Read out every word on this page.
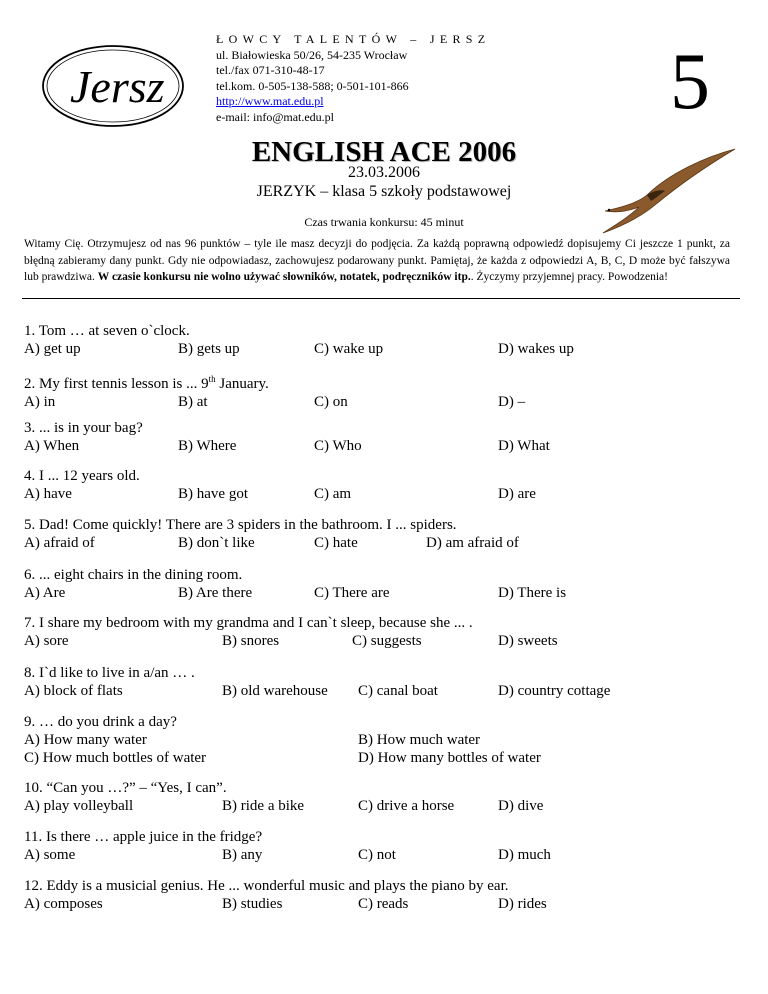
Jersz
ŁOWCY TALENTÓW – JERSZ
ul. Białowieska 50/26, 54-235 Wrocław
tel./fax 071-310-48-17
tel.kom. 0-505-138-588; 0-501-101-866
http://www.mat.edu.pl
e-mail: info@mat.edu.pl	5
ENGLISH ACE 2006
23.03.2006
JERZYK – klasa 5 szkoły podstawowej
Czas trwania konkursu: 45 minut
Witamy Cię. Otrzymujesz od nas 96 punktów – tyle ile masz decyzji do podjęcia. Za każdą poprawną odpowiedź dopisujemy Ci jeszcze 1 punkt, za błędną zabieramy dany punkt. Gdy nie odpowiadasz, zachowujesz podarowany punkt. Pamiętaj, że każda z odpowiedzi A, B, C, D może być fałszywa lub prawdziwa. W czasie konkursu nie wolno używać słowników, notatek, podręczników itp.. Życzymy przyjemnej pracy. Powodzenia!
1. Tom … at seven o`clock.
A) get up	B) gets up	C) wake up	D) wakes up
2. My first tennis lesson is ... 9th January.
A) in	B) at	C) on	D) –
3. ... is in your bag?
A) When	B) Where	C) Who	D) What
4. I ... 12 years old.
A) have	B) have got	C) am	D) are
5. Dad! Come quickly! There are 3 spiders in the bathroom. I ... spiders.
A) afraid of	B) don`t like	C) hate	D) am afraid of
6. ... eight chairs in the dining room.
A) Are	B) Are there	C) There are	D) There is
7. I share my bedroom with my grandma and I can`t sleep, because she ... .
A) sore	B) snores	C) suggests	D) sweets
8. I`d like to live in a/an … .
A) block of flats	B) old warehouse C) canal boat	D) country cottage
9. … do you drink a day?
A) How many water	B) How much water
C) How much bottles of water	D) How many bottles of water
10. “Can you …?” – “Yes, I can”.
A) play volleyball	B) ride a bike	C) drive a horse	D) dive
11. Is there … apple juice in the fridge?
A) some	B) any	C) not	D) much
12. Eddy is a musicial genius. He ... wonderful music and plays the piano by ear.
A) composes	B) studies	C) reads	D) rides
